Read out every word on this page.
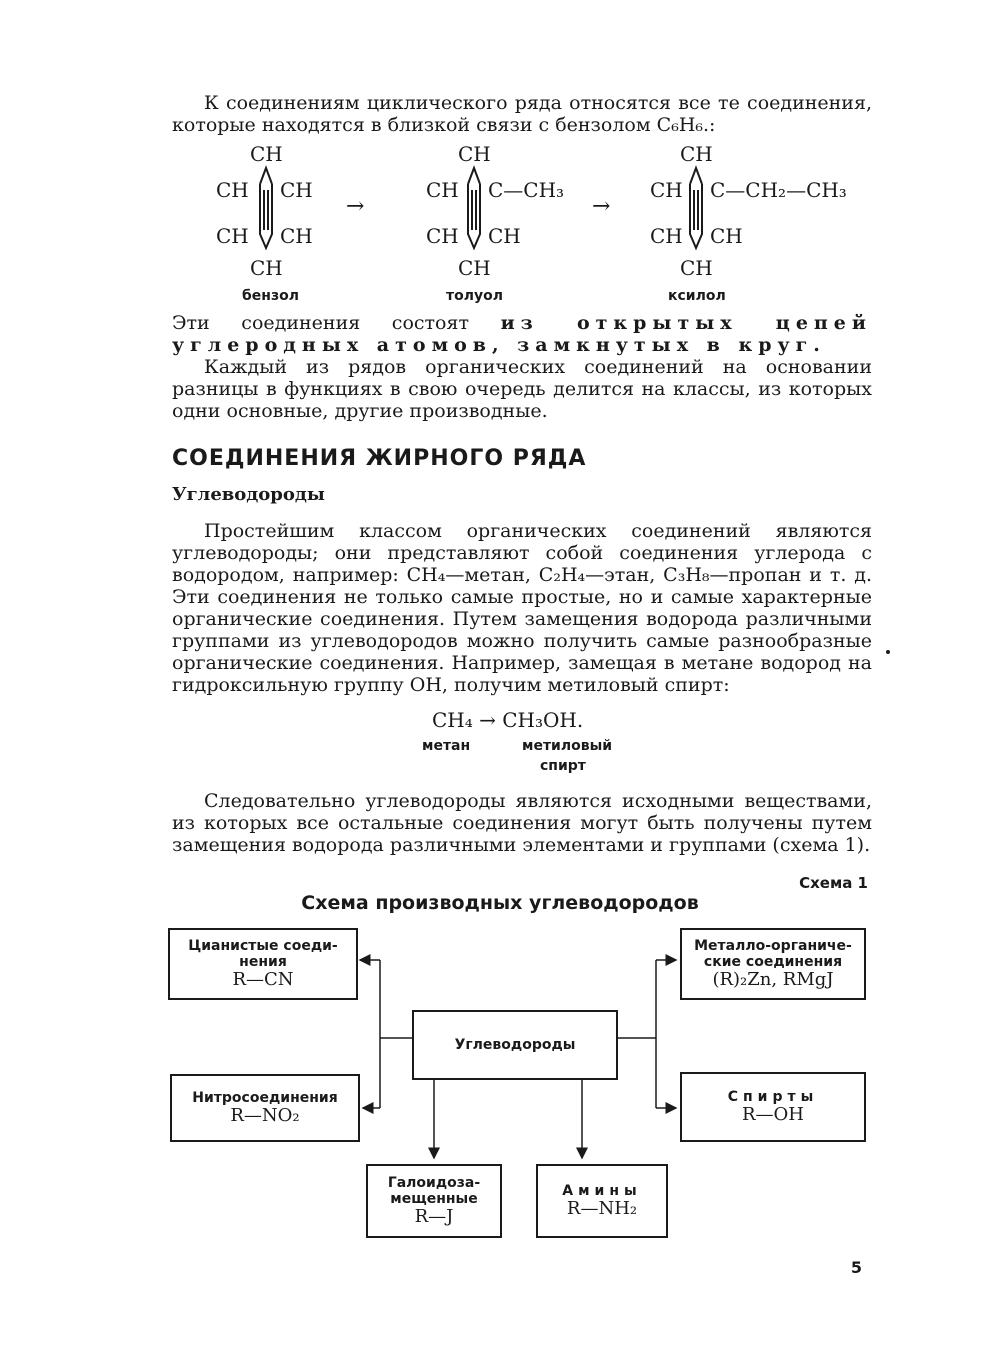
К соединениям циклического ряда относятся все те соединения, которые находятся в близкой связи с бензолом C₆H₆.:

CH
CH CH
CH CH
CH
бензол
→
CH
CH C—CH₃
CH CH
CH
толуол
→
CH
CH C—CH₂—CH₃
CH CH
CH
ксилол

Эти соединения состоят из открытых цепей углеродных атомов, замкнутых в круг.

Каждый из рядов органических соединений на основании разницы в функциях в свою очередь делится на классы, из которых одни основные, другие производные.

СОЕДИНЕНИЯ ЖИРНОГО РЯДА
Углеводороды

Простейшим классом органических соединений являются углеводороды; они представляют собой соединения углерода с водородом, например: CH₄—метан, C₂H₄—этан, C₃H₈—пропан и т. д. Эти соединения не только самые простые, но и самые характерные органические соединения. Путем замещения водорода различными группами из углеводородов можно получить самые разнообразные органические соединения. Например, замещая в метане водород на гидроксильную группу OH, получим метиловый спирт:

CH₄ → CH₃OH.
метан	метиловый
спирт

Следовательно углеводороды являются исходными веществами, из которых все остальные соединения могут быть получены путем замещения водорода различными элементами и группами (схема 1).

Схема 1
Схема производных углеводородов
Цианистые соеди-
нения
R—CN
Металло-органиче-
ские соединения
(R)₂Zn, RMgJ
Углеводороды
Нитросоединения
R—NO₂
Спирты
R—OH
Галоидоза-
мещенные
R—J
Амины
R—NH₂
5
